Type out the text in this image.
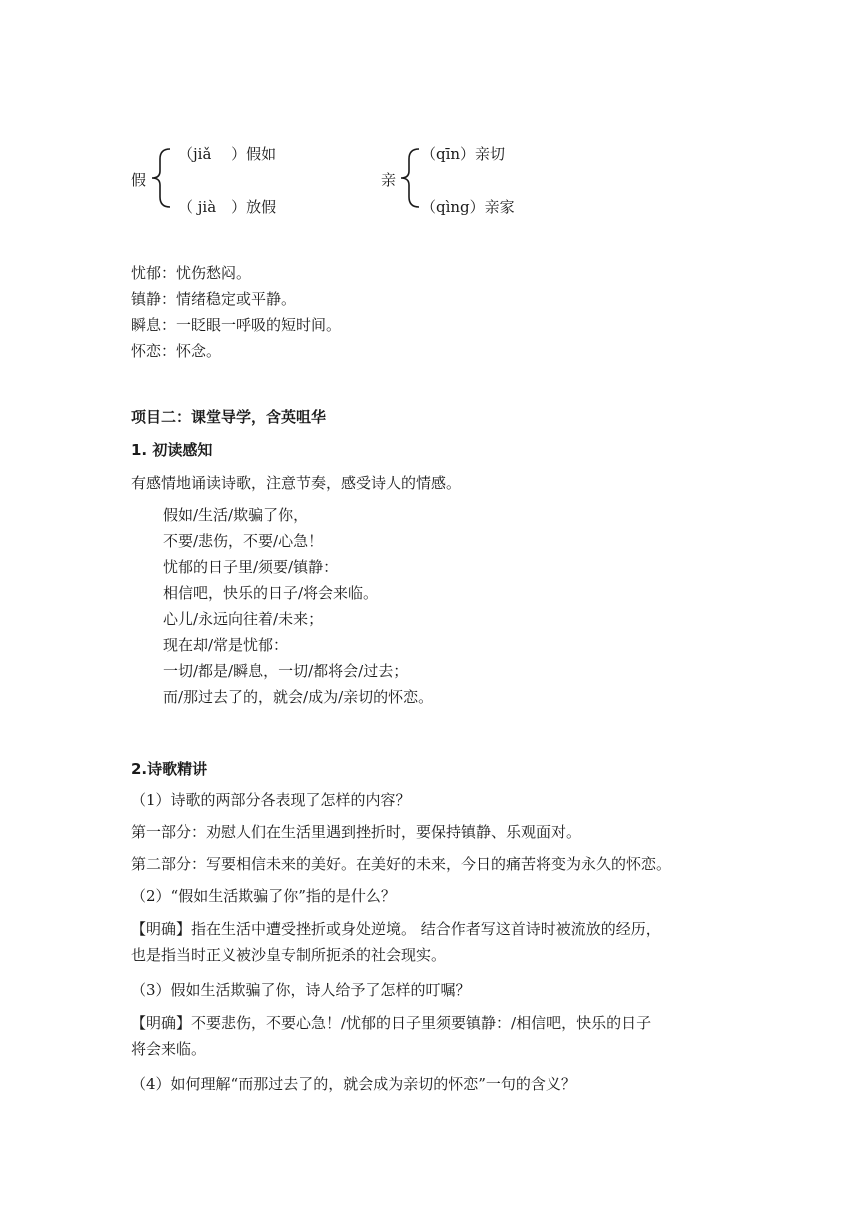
假
（jiǎ　 ）假如
（ jià　）放假
亲
（qīn）亲切
（qìng）亲家
忧郁：忧伤愁闷。
镇静：情绪稳定或平静。
瞬息：一眨眼一呼吸的短时间。
怀恋：怀念。
项目二：课堂导学，含英咀华
1. 初读感知
有感情地诵读诗歌，注意节奏，感受诗人的情感。
假如/生活/欺骗了你，
不要/悲伤，不要/心急！
忧郁的日子里/须要/镇静：
相信吧，快乐的日子/将会来临。
心儿/永远向往着/未来；
现在却/常是忧郁：
一切/都是/瞬息，一切/都将会/过去；
而/那过去了的，就会/成为/亲切的怀恋。
2.诗歌精讲
（1）诗歌的两部分各表现了怎样的内容？
第一部分：劝慰人们在生活里遇到挫折时，要保持镇静、乐观面对。
第二部分：写要相信未来的美好。在美好的未来，今日的痛苦将变为永久的怀恋。
（2）“假如生活欺骗了你”指的是什么？
【明确】指在生活中遭受挫折或身处逆境。 结合作者写这首诗时被流放的经历，
也是指当时正义被沙皇专制所扼杀的社会现实。
（3）假如生活欺骗了你，诗人给予了怎样的叮嘱？
【明确】不要悲伤，不要心急！/忧郁的日子里须要镇静：/相信吧，快乐的日子
将会来临。
（4）如何理解“而那过去了的，就会成为亲切的怀恋”一句的含义？
